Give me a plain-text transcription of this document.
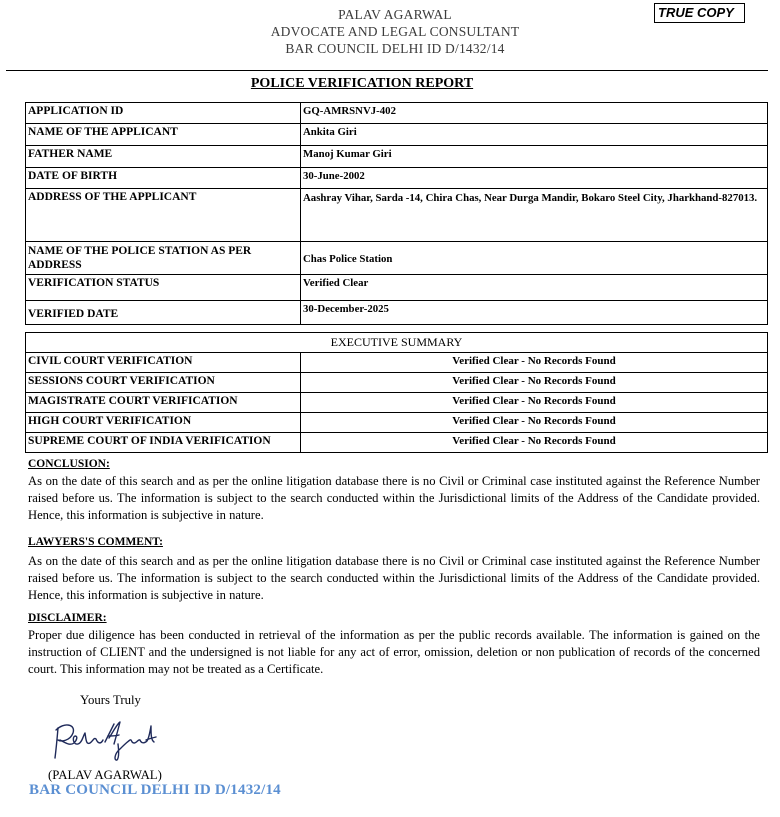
PALAV AGARWAL
ADVOCATE AND LEGAL CONSULTANT
BAR COUNCIL DELHI ID D/1432/14
TRUE COPY
POLICE VERIFICATION REPORT
APPLICATION ID	GQ-AMRSNVJ-402
NAME OF THE APPLICANT	Ankita Giri
FATHER NAME	Manoj Kumar Giri
DATE OF BIRTH	30-June-2002
ADDRESS OF THE APPLICANT	Aashray Vihar, Sarda -14, Chira Chas, Near Durga Mandir, Bokaro Steel City, Jharkhand-827013.
NAME OF THE POLICE STATION AS PER ADDRESS	Chas Police Station
VERIFICATION STATUS	Verified Clear
VERIFIED DATE	30-December-2025
EXECUTIVE SUMMARY	
CIVIL COURT VERIFICATION	Verified Clear - No Records Found
SESSIONS COURT VERIFICATION	Verified Clear - No Records Found
MAGISTRATE COURT VERIFICATION	Verified Clear - No Records Found
HIGH COURT VERIFICATION	Verified Clear - No Records Found
SUPREME COURT OF INDIA VERIFICATION	Verified Clear - No Records Found
CONCLUSION:
As on the date of this search and as per the online litigation database there is no Civil or Criminal case instituted against the Reference Number raised before us. The information is subject to the search conducted within the Jurisdictional limits of the Address of the Candidate provided. Hence, this information is subjective in nature.
LAWYERS'S COMMENT:
As on the date of this search and as per the online litigation database there is no Civil or Criminal case instituted against the Reference Number raised before us. The information is subject to the search conducted within the Jurisdictional limits of the Address of the Candidate provided. Hence, this information is subjective in nature.
DISCLAIMER:
Proper due diligence has been conducted in retrieval of the information as per the public records available. The information is gained on the instruction of CLIENT and the undersigned is not liable for any act of error, omission, deletion or non publication of records of the concerned court. This information may not be treated as a Certificate.
Yours Truly
(PALAV AGARWAL)
BAR COUNCIL DELHI ID D/1432/14
